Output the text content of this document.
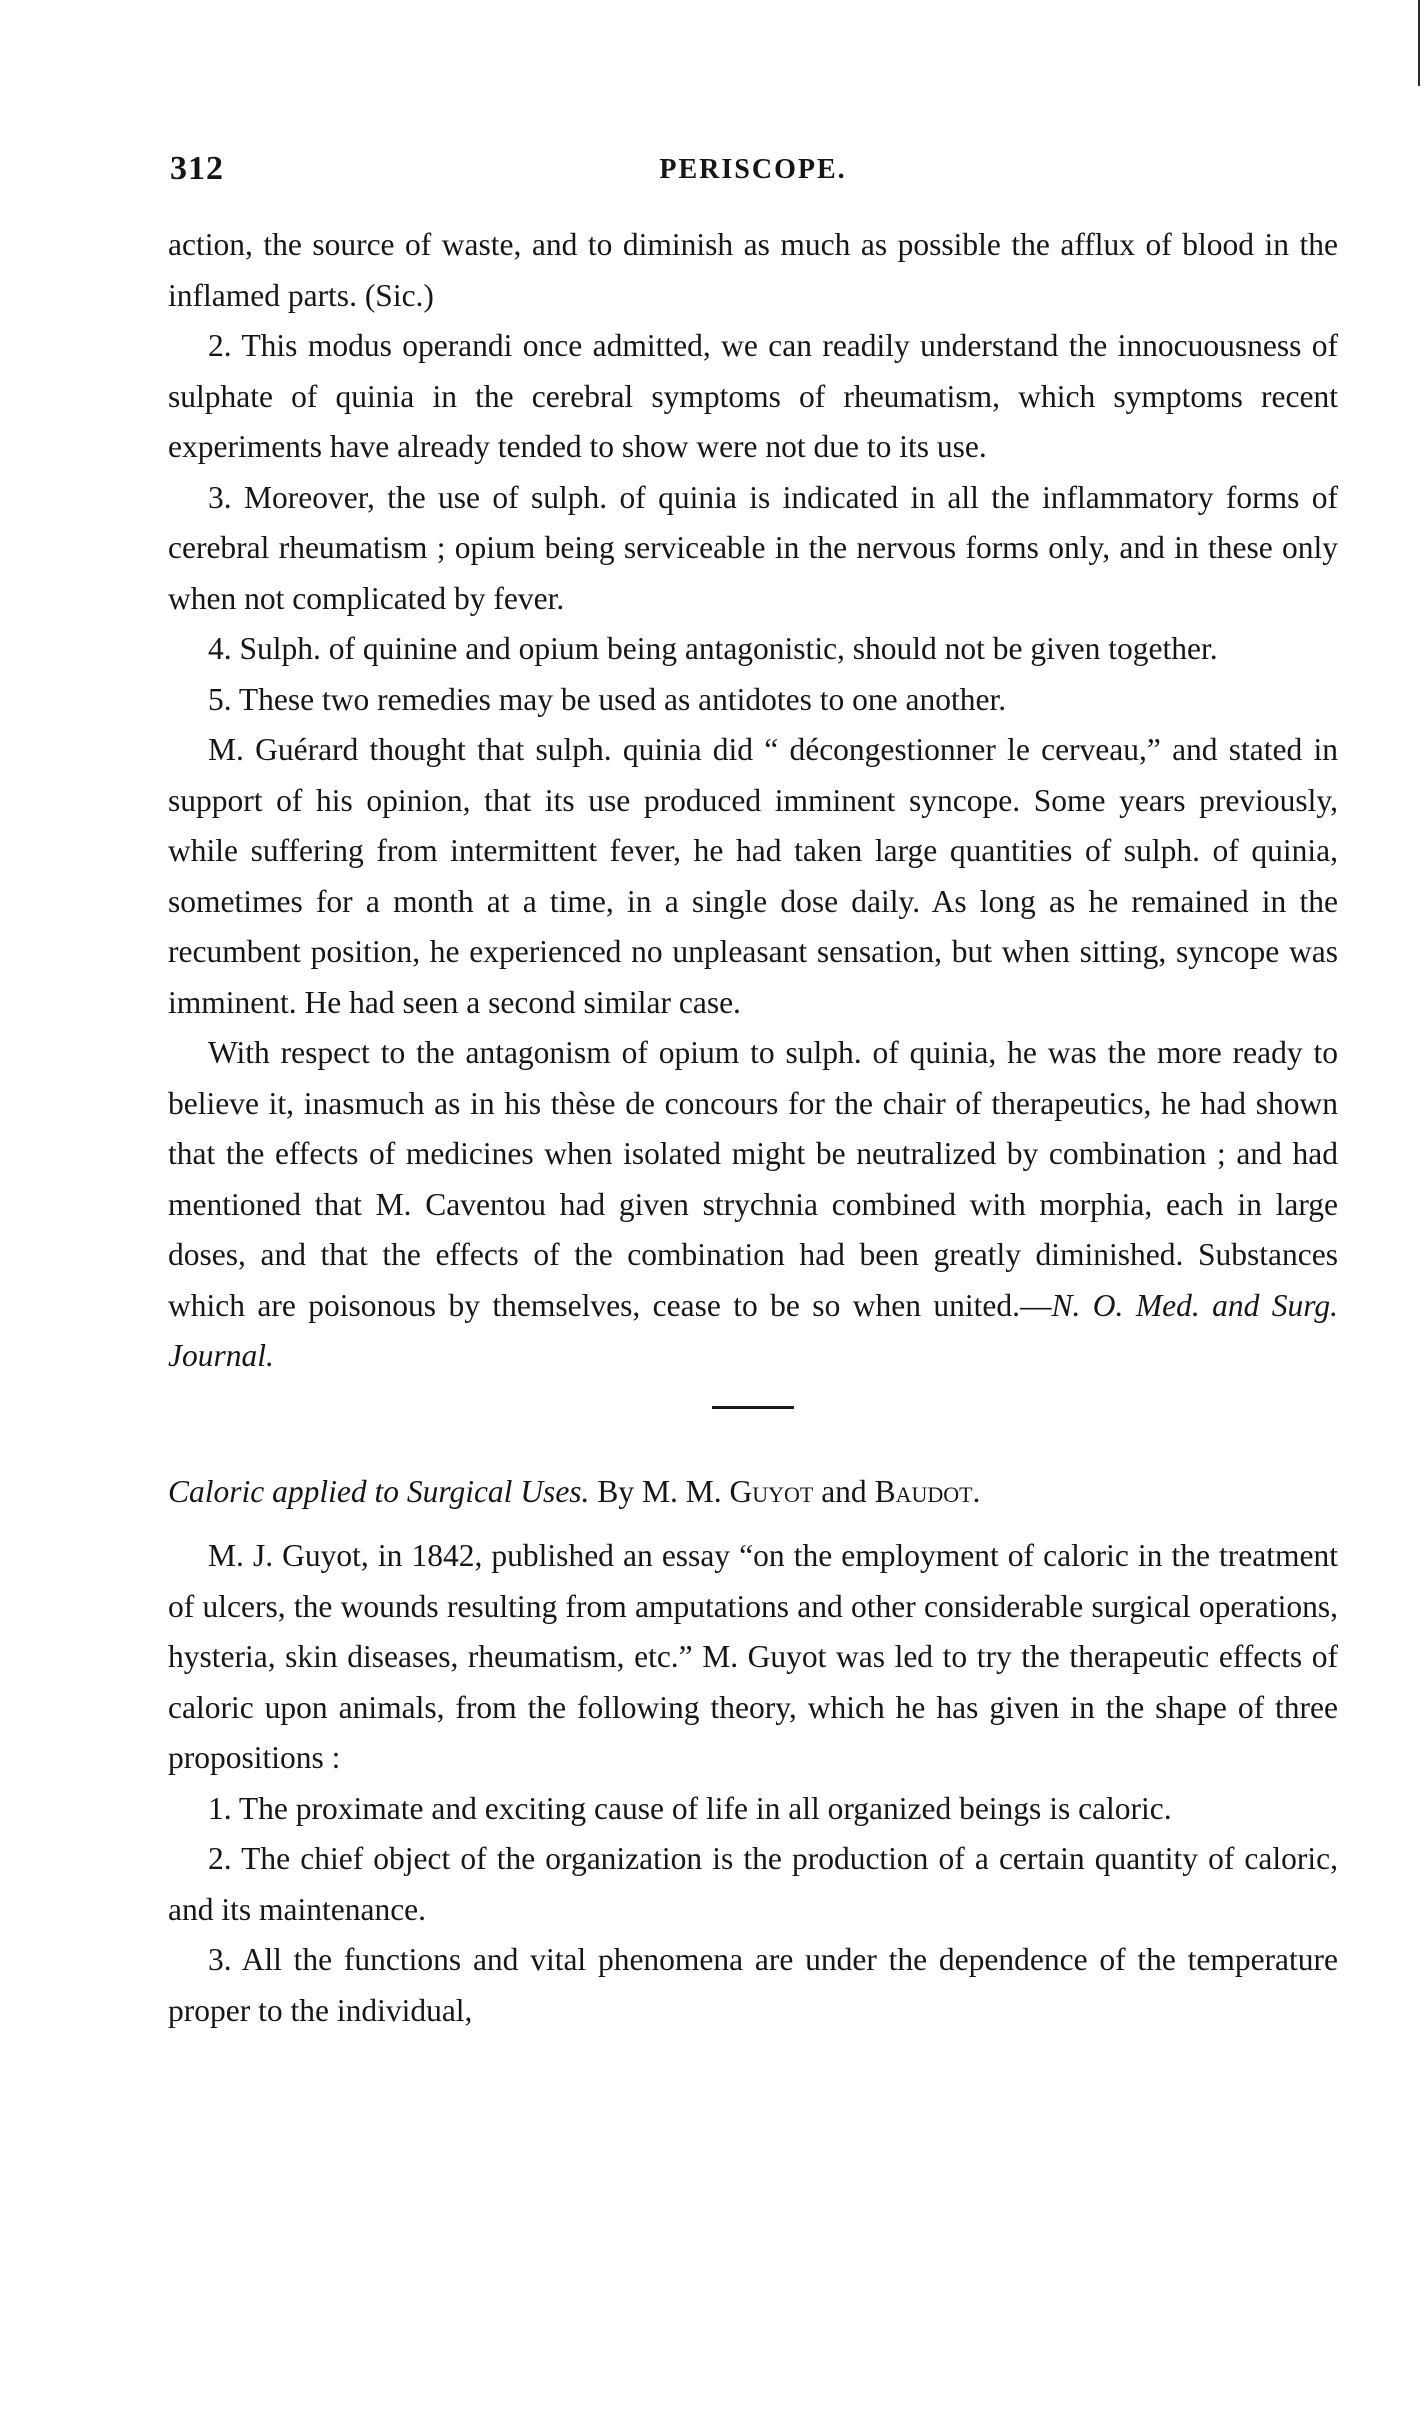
312	PERISCOPE.

action, the source of waste, and to diminish as much as possible the afflux of blood in the inflamed parts. (Sic.)

2. This modus operandi once admitted, we can readily understand the innocuousness of sulphate of quinia in the cerebral symptoms of rheumatism, which symptoms recent experiments have already tended to show were not due to its use.

3. Moreover, the use of sulph. of quinia is indicated in all the inflammatory forms of cerebral rheumatism ; opium being serviceable in the nervous forms only, and in these only when not complicated by fever.

4. Sulph. of quinine and opium being antagonistic, should not be given together.

5. These two remedies may be used as antidotes to one another.

M. Guérard thought that sulph. quinia did “ décongestionner le cerveau,” and stated in support of his opinion, that its use produced imminent syncope. Some years previously, while suffering from intermittent fever, he had taken large quantities of sulph. of quinia, sometimes for a month at a time, in a single dose daily. As long as he remained in the recumbent position, he experienced no unpleasant sensation, but when sitting, syncope was imminent. He had seen a second similar case.

With respect to the antagonism of opium to sulph. of quinia, he was the more ready to believe it, inasmuch as in his thèse de concours for the chair of therapeutics, he had shown that the effects of medicines when isolated might be neutralized by combination ; and had mentioned that M. Caventou had given strychnia combined with morphia, each in large doses, and that the effects of the combination had been greatly diminished. Substances which are poisonous by themselves, cease to be so when united.—N. O. Med. and Surg. Journal.

Caloric applied to Surgical Uses. By M. M. Guyot and Baudot.

M. J. Guyot, in 1842, published an essay “on the employment of caloric in the treatment of ulcers, the wounds resulting from amputations and other considerable surgical operations, hysteria, skin diseases, rheumatism, etc.” M. Guyot was led to try the therapeutic effects of caloric upon animals, from the following theory, which he has given in the shape of three propositions :

1. The proximate and exciting cause of life in all organized beings is caloric.

2. The chief object of the organization is the production of a certain quantity of caloric, and its maintenance.

3. All the functions and vital phenomena are under the dependence of the temperature proper to the individual,
